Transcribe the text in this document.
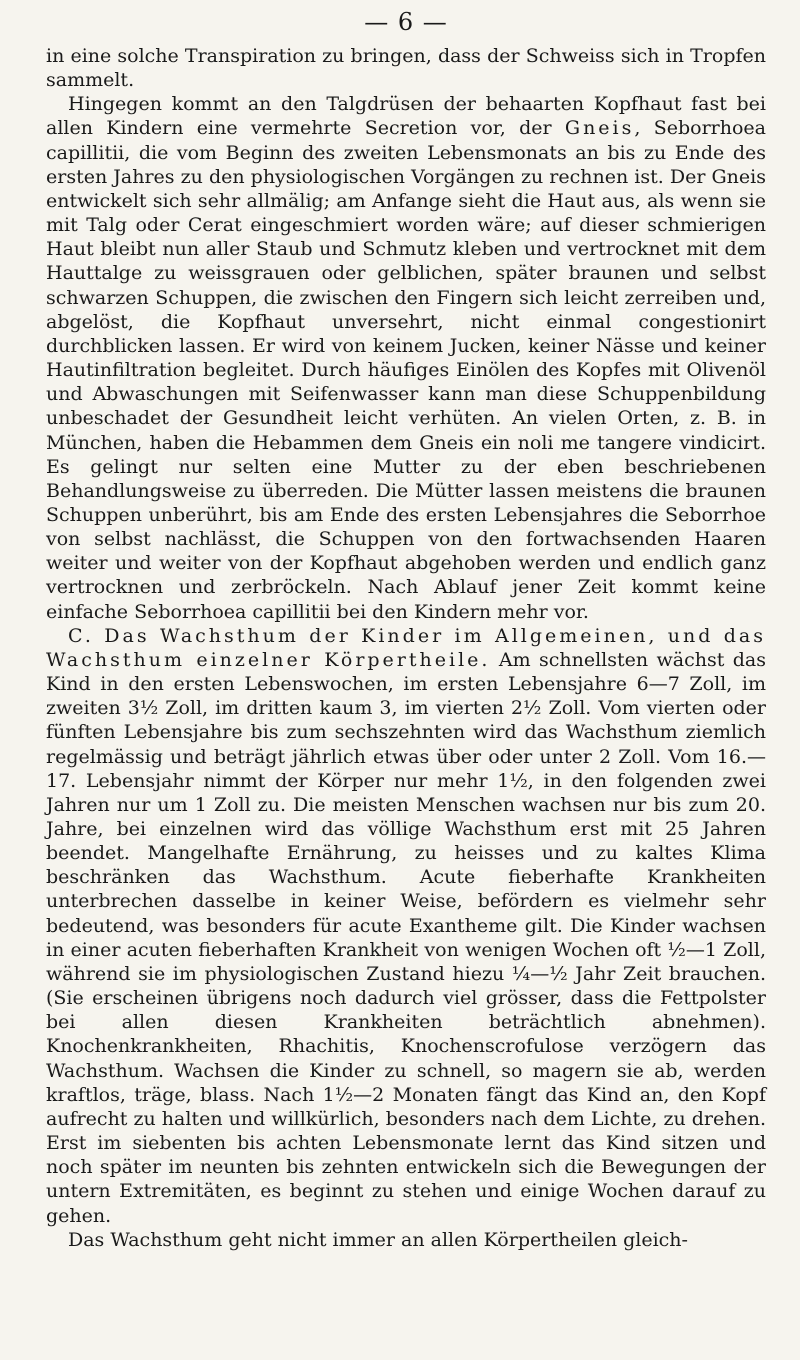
— 6 —

in eine solche Transpiration zu bringen, dass der Schweiss sich in Tropfen sammelt.

Hingegen kommt an den Talgdrüsen der behaarten Kopfhaut fast bei allen Kindern eine vermehrte Secretion vor, der Gneis, Seborrhoea capillitii, die vom Beginn des zweiten Lebensmonats an bis zu Ende des ersten Jahres zu den physiologischen Vorgängen zu rechnen ist. Der Gneis entwickelt sich sehr allmälig; am Anfange sieht die Haut aus, als wenn sie mit Talg oder Cerat eingeschmiert worden wäre; auf dieser schmierigen Haut bleibt nun aller Staub und Schmutz kleben und vertrocknet mit dem Hauttalge zu weissgrauen oder gelblichen, später braunen und selbst schwarzen Schuppen, die zwischen den Fingern sich leicht zerreiben und, abgelöst, die Kopfhaut unversehrt, nicht einmal congestionirt durchblicken lassen. Er wird von keinem Jucken, keiner Nässe und keiner Hautinfiltration begleitet. Durch häufiges Einölen des Kopfes mit Olivenöl und Abwaschungen mit Seifenwasser kann man diese Schuppenbildung unbeschadet der Gesundheit leicht verhüten. An vielen Orten, z. B. in München, haben die Hebammen dem Gneis ein noli me tangere vindicirt. Es gelingt nur selten eine Mutter zu der eben beschriebenen Behandlungsweise zu überreden. Die Mütter lassen meistens die braunen Schuppen unberührt, bis am Ende des ersten Lebensjahres die Seborrhoe von selbst nachlässt, die Schuppen von den fortwachsenden Haaren weiter und weiter von der Kopfhaut abgehoben werden und endlich ganz vertrocknen und zerbröckeln. Nach Ablauf jener Zeit kommt keine einfache Seborrhoea capillitii bei den Kindern mehr vor.

C. Das Wachsthum der Kinder im Allgemeinen, und das Wachsthum einzelner Körpertheile. Am schnellsten wächst das Kind in den ersten Lebenswochen, im ersten Lebensjahre 6—7 Zoll, im zweiten 3½ Zoll, im dritten kaum 3, im vierten 2½ Zoll. Vom vierten oder fünften Lebensjahre bis zum sechszehnten wird das Wachsthum ziemlich regelmässig und beträgt jährlich etwas über oder unter 2 Zoll. Vom 16.—17. Lebensjahr nimmt der Körper nur mehr 1½, in den folgenden zwei Jahren nur um 1 Zoll zu. Die meisten Menschen wachsen nur bis zum 20. Jahre, bei einzelnen wird das völlige Wachsthum erst mit 25 Jahren beendet. Mangelhafte Ernährung, zu heisses und zu kaltes Klima beschränken das Wachsthum. Acute fieberhafte Krankheiten unterbrechen dasselbe in keiner Weise, befördern es vielmehr sehr bedeutend, was besonders für acute Exantheme gilt. Die Kinder wachsen in einer acuten fieberhaften Krankheit von wenigen Wochen oft ½—1 Zoll, während sie im physiologischen Zustand hiezu ¼—½ Jahr Zeit brauchen. (Sie erscheinen übrigens noch dadurch viel grösser, dass die Fettpolster bei allen diesen Krankheiten beträchtlich abnehmen). Knochenkrankheiten, Rhachitis, Knochenscrofulose verzögern das Wachsthum. Wachsen die Kinder zu schnell, so magern sie ab, werden kraftlos, träge, blass. Nach 1½—2 Monaten fängt das Kind an, den Kopf aufrecht zu halten und willkürlich, besonders nach dem Lichte, zu drehen. Erst im siebenten bis achten Lebensmonate lernt das Kind sitzen und noch später im neunten bis zehnten entwickeln sich die Bewegungen der untern Extremitäten, es beginnt zu stehen und einige Wochen darauf zu gehen.

Das Wachsthum geht nicht immer an allen Körpertheilen gleich-
